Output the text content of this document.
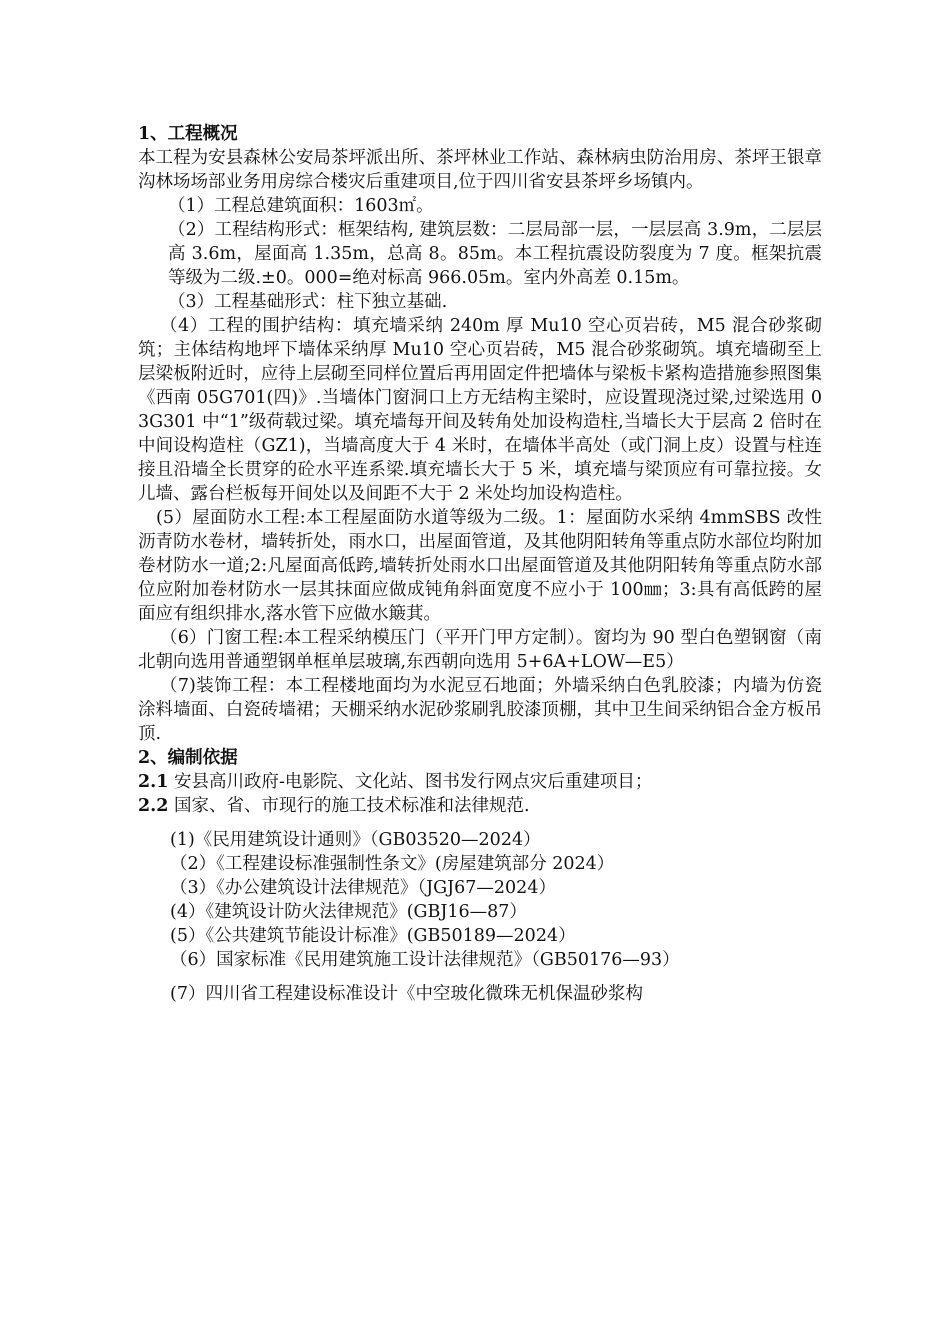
1、工程概况

本工程为安县森林公安局茶坪派出所、茶坪林业工作站、森林病虫防治用房、茶坪王银章沟林场场部业务用房综合楼灾后重建项目,位于四川省安县茶坪乡场镇内。

（1）工程总建筑面积：1603㎡。

（2）工程结构形式：框架结构, 建筑层数：二层局部一层，一层层高 3.9m，二层层高 3.6m，屋面高 1.35m，总高 8。85m。本工程抗震设防裂度为 7 度。框架抗震等级为二级.±0。000=绝对标高 966.05m。室内外高差 0.15m。

（3）工程基础形式：柱下独立基础.

（4）工程的围护结构：填充墙采纳 240m 厚 Mu10 空心页岩砖，M5 混合砂浆砌筑；主体结构地坪下墙体采纳厚 Mu10 空心页岩砖，M5 混合砂浆砌筑。填充墙砌至上层梁板附近时，应待上层砌至同样位置后再用固定件把墙体与梁板卡紧构造措施参照图集《西南 05G701(四)》.当墙体门窗洞口上方无结构主梁时，应设置现浇过梁,过梁选用 03G301 中“1”级荷载过梁。填充墙每开间及转角处加设构造柱,当墙长大于层高 2 倍时在中间设构造柱（GZ1)，当墙高度大于 4 米时，在墙体半高处（或门洞上皮）设置与柱连接且沿墙全长贯穿的砼水平连系梁.填充墙长大于 5 米，填充墙与梁顶应有可靠拉接。女儿墙、露台栏板每开间处以及间距不大于 2 米处均加设构造柱。

(5）屋面防水工程:本工程屋面防水道等级为二级。1：屋面防水采纳 4mmSBS 改性沥青防水卷材，墙转折处，雨水口，出屋面管道，及其他阴阳转角等重点防水部位均附加卷材防水一道;2:凡屋面高低跨,墙转折处雨水口出屋面管道及其他阴阳转角等重点防水部位应附加卷材防水一层其抹面应做成钝角斜面宽度不应小于 100㎜；3:具有高低跨的屋面应有组织排水,落水管下应做水簸萁。

（6）门窗工程:本工程采纳模压门（平开门甲方定制）。窗均为 90 型白色塑钢窗（南北朝向选用普通塑钢单框单层玻璃,东西朝向选用 5+6A+LOW—E5）

（7)装饰工程：本工程楼地面均为水泥豆石地面；外墙采纳白色乳胶漆；内墙为仿瓷涂料墙面、白瓷砖墙裙；天棚采纳水泥砂浆刷乳胶漆顶棚，其中卫生间采纳铝合金方板吊顶.

2、编制依据

2.1 安县高川政府-电影院、文化站、图书发行网点灾后重建项目；

2.2 国家、省、市现行的施工技术标准和法律规范.

(1)《民用建筑设计通则》（GB03520—2024）

（2）《工程建设标准强制性条文》(房屋建筑部分 2024）

（3）《办公建筑设计法律规范》（JGJ67—2024）

(4）《建筑设计防火法律规范》(GBJ16—87）

(5）《公共建筑节能设计标准》(GB50189—2024）

（6）国家标准《民用建筑施工设计法律规范》（GB50176—93）

(7）四川省工程建设标准设计《中空玻化微珠无机保温砂浆构
